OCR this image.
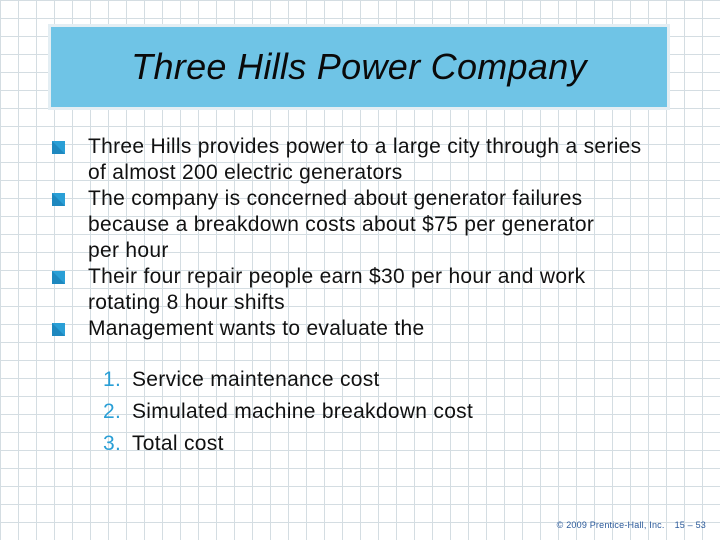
Three Hills Power Company
Three Hills provides power to a large city through a series of almost 200 electric generators
The company is concerned about generator failures because a breakdown costs about $75 per generator per hour
Their four repair people earn $30 per hour and work rotating 8 hour shifts
Management wants to evaluate the
1. Service maintenance cost
2. Simulated machine breakdown cost
3. Total cost
© 2009 Prentice-Hall, Inc. 15 – 53
